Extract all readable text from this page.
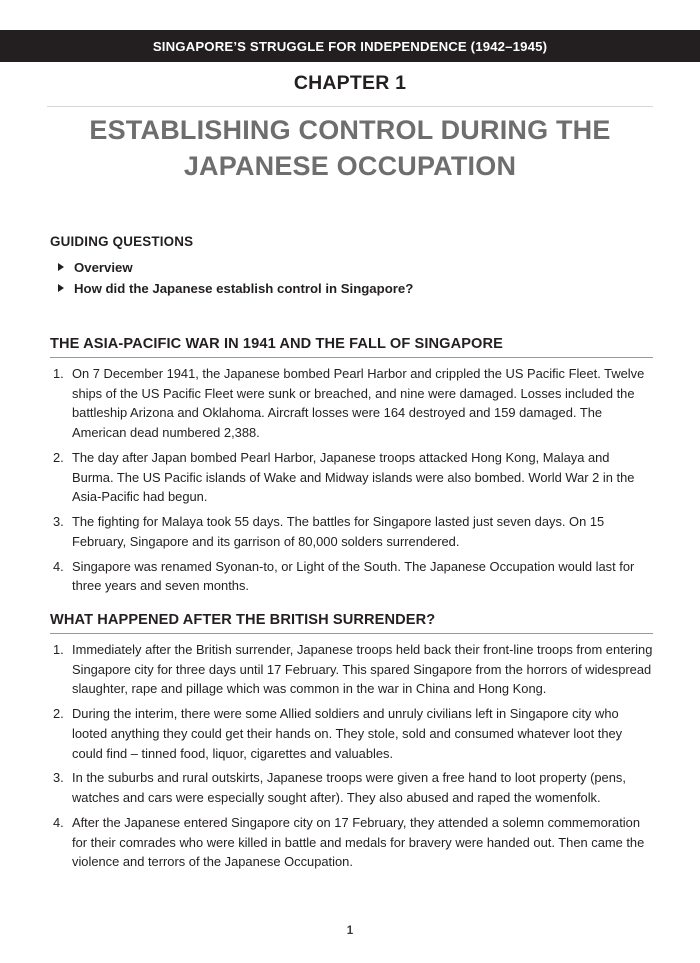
SINGAPORE’S STRUGGLE FOR INDEPENDENCE (1942–1945)
CHAPTER 1
ESTABLISHING CONTROL DURING THE
JAPANESE OCCUPATION
GUIDING QUESTIONS
Overview
How did the Japanese establish control in Singapore?
THE ASIA-PACIFIC WAR IN 1941 AND THE FALL OF SINGAPORE
1. On 7 December 1941, the Japanese bombed Pearl Harbor and crippled the US Pacific Fleet. Twelve ships of the US Pacific Fleet were sunk or breached, and nine were damaged. Losses included the battleship Arizona and Oklahoma. Aircraft losses were 164 destroyed and 159 damaged. The American dead numbered 2,388.
2. The day after Japan bombed Pearl Harbor, Japanese troops attacked Hong Kong, Malaya and Burma. The US Pacific islands of Wake and Midway islands were also bombed. World War 2 in the Asia-Pacific had begun.
3. The fighting for Malaya took 55 days. The battles for Singapore lasted just seven days. On 15 February, Singapore and its garrison of 80,000 solders surrendered.
4. Singapore was renamed Syonan-to, or Light of the South. The Japanese Occupation would last for three years and seven months.
WHAT HAPPENED AFTER THE BRITISH SURRENDER?
1. Immediately after the British surrender, Japanese troops held back their front-line troops from entering Singapore city for three days until 17 February. This spared Singapore from the horrors of widespread slaughter, rape and pillage which was common in the war in China and Hong Kong.
2. During the interim, there were some Allied soldiers and unruly civilians left in Singapore city who looted anything they could get their hands on. They stole, sold and consumed whatever loot they could find – tinned food, liquor, cigarettes and valuables.
3. In the suburbs and rural outskirts, Japanese troops were given a free hand to loot property (pens, watches and cars were especially sought after). They also abused and raped the womenfolk.
4. After the Japanese entered Singapore city on 17 February, they attended a solemn commemoration for their comrades who were killed in battle and medals for bravery were handed out. Then came the violence and terrors of the Japanese Occupation.
1
